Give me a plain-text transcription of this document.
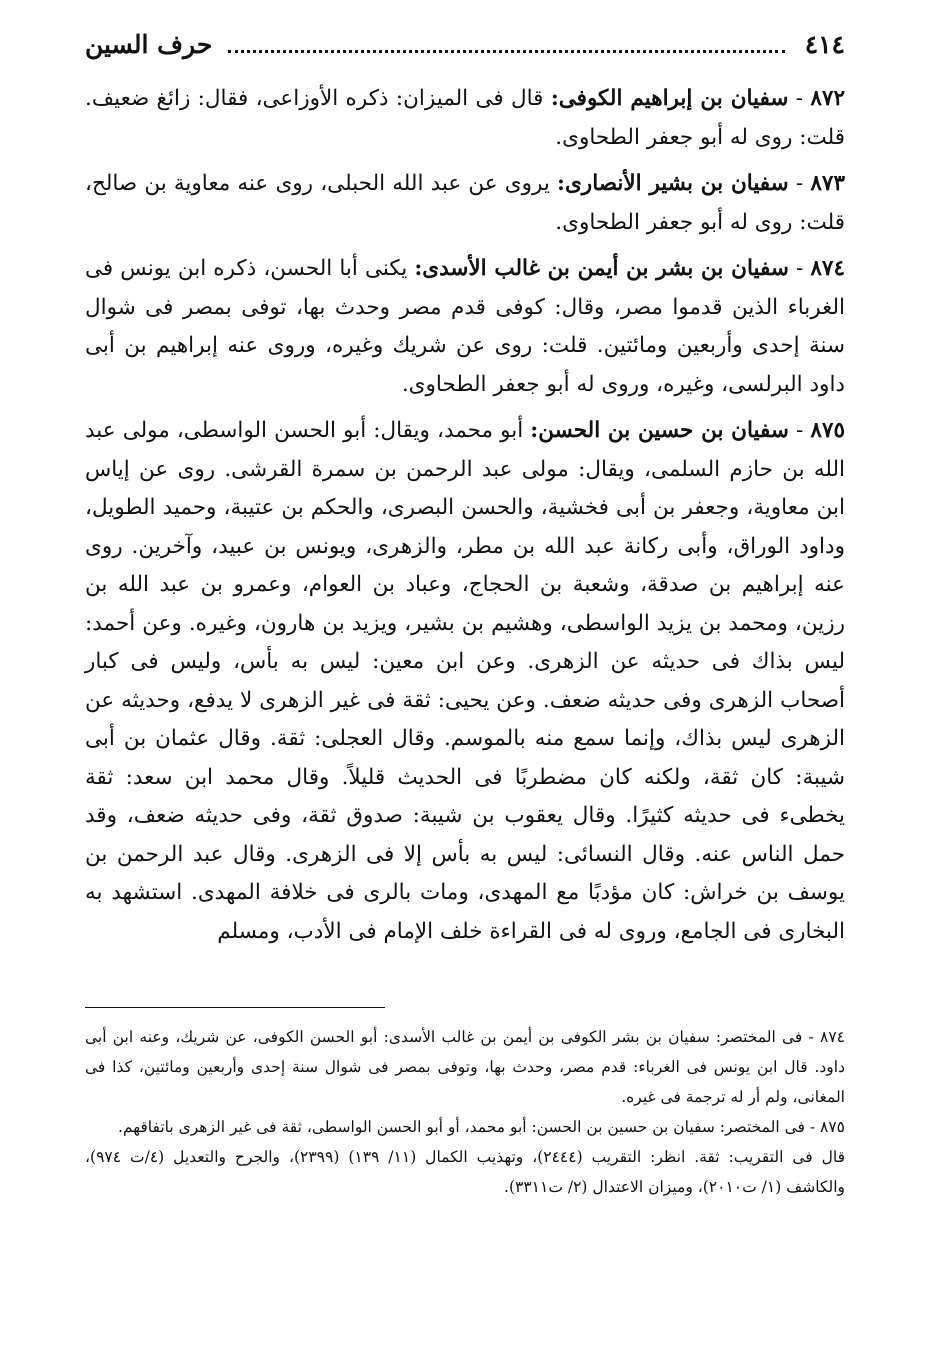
٤١٤
حرف السين

٨٧٢ - سفيان بن إبراهيم الكوفى: قال فى الميزان: ذكره الأوزاعى، فقال: زائغ ضعيف. قلت: روى له أبو جعفر الطحاوى.

٨٧٣ - سفيان بن بشير الأنصارى: يروى عن عبد الله الحبلى، روى عنه معاوية بن صالح، قلت: روى له أبو جعفر الطحاوى.

٨٧٤ - سفيان بن بشر بن أيمن بن غالب الأسدى: يكنى أبا الحسن، ذكره ابن يونس فى الغرباء الذين قدموا مصر، وقال: كوفى قدم مصر وحدث بها، توفى بمصر فى شوال سنة إحدى وأربعين ومائتين. قلت: روى عن شريك وغيره، وروى عنه إبراهيم بن أبى داود البرلسى، وغيره، وروى له أبو جعفر الطحاوى.

٨٧٥ - سفيان بن حسين بن الحسن: أبو محمد، ويقال: أبو الحسن الواسطى، مولى عبد الله بن حازم السلمى، ويقال: مولى عبد الرحمن بن سمرة القرشى. روى عن إياس ابن معاوية، وجعفر بن أبى فخشية، والحسن البصرى، والحكم بن عتيبة، وحميد الطويل، وداود الوراق، وأبى ركانة عبد الله بن مطر، والزهرى، ويونس بن عبيد، وآخرين. روى عنه إبراهيم بن صدقة، وشعبة بن الحجاج، وعباد بن العوام، وعمرو بن عبد الله بن رزين، ومحمد بن يزيد الواسطى، وهشيم بن بشير، ويزيد بن هارون، وغيره. وعن أحمد: ليس بذاك فى حديثه عن الزهرى. وعن ابن معين: ليس به بأس، وليس فى كبار أصحاب الزهرى وفى حديثه ضعف. وعن يحيى: ثقة فى غير الزهرى لا يدفع، وحديثه عن الزهرى ليس بذاك، وإنما سمع منه بالموسم. وقال العجلى: ثقة. وقال عثمان بن أبى شيبة: كان ثقة، ولكنه كان مضطربًا فى الحديث قليلاً. وقال محمد ابن سعد: ثقة يخطىء فى حديثه كثيرًا. وقال يعقوب بن شيبة: صدوق ثقة، وفى حديثه ضعف، وقد حمل الناس عنه. وقال النسائى: ليس به بأس إلا فى الزهرى. وقال عبد الرحمن بن يوسف بن خراش: كان مؤدبًا مع المهدى، ومات بالرى فى خلافة المهدى. استشهد به البخارى فى الجامع، وروى له فى القراءة خلف الإمام فى الأدب، ومسلم

٨٧٤ - فى المختصر: سفيان بن بشر الكوفى بن أيمن بن غالب الأسدى: أبو الحسن الكوفى، عن شريك، وعنه ابن أبى داود. قال ابن يونس فى الغرباء: قدم مصر، وحدث بها، وتوفى بمصر فى شوال سنة إحدى وأربعين ومائتين، كذا فى المغانى، ولم أر له ترجمة فى غيره.

٨٧٥ - فى المختصر: سفيان بن حسين بن الحسن: أبو محمد، أو أبو الحسن الواسطى، ثقة فى غير الزهرى باتفاقهم.

قال فى التقريب: ثقة. انظر: التقريب (٢٤٤٤)، وتهذيب الكمال (١١/ ١٣٩) (٢٣٩٩)، والجرح والتعديل (٤/ت ٩٧٤)، والكاشف (١/ ت٢٠١٠)، وميزان الاعتدال (٢/ ت٣٣١١).
